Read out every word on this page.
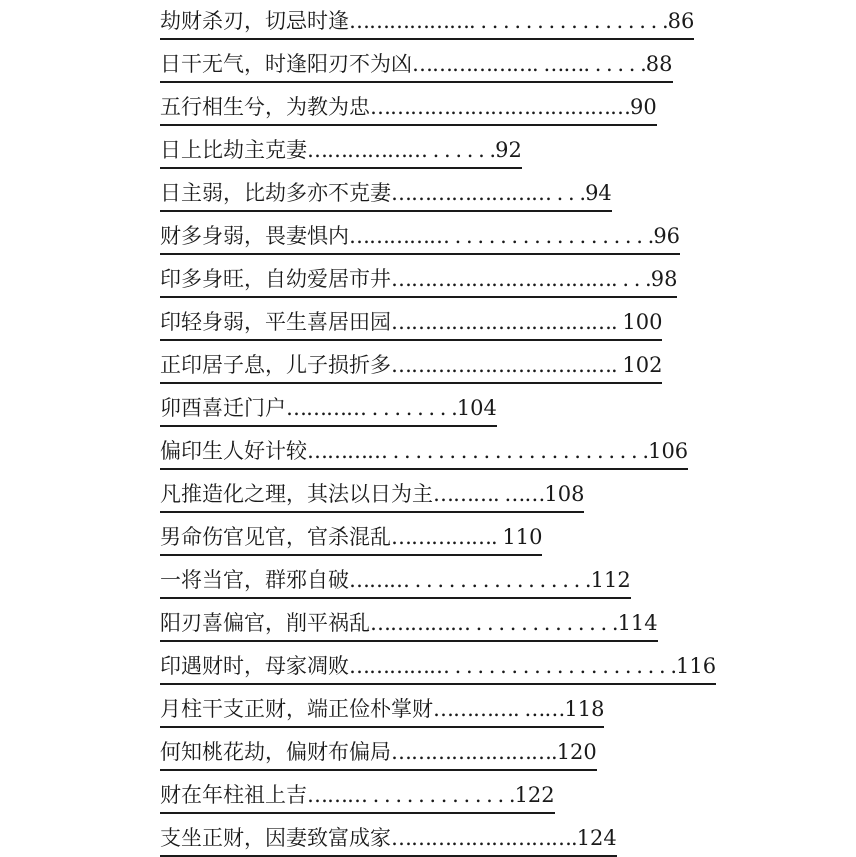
劫财杀刃，切忌时逢………………. . . . . . . . . . . . . . . . . .86
日干无气，时逢阳刃不为凶………………. ……. . . . . .88
五行相生兮，为教为忠…………………………………90
日上比劫主克妻……………… . . . . . .92
日主弱，比劫多亦不克妻…………………… . . .94
财多身弱，畏妻惧内…………… . . . . . . . . . . . . . . . . . .96
印多身旺，自幼爱居市井……………………………. . . .98
印轻身弱，平生喜居田园……………………………. 100
正印居子息，儿子损折多……………………………. 102
卯酉喜迁门户………… . . . . . . . .104
偏印生人好计较………… . . . . . . . . . . . . . . . . . . . . . . .106
凡推造化之理，其法以日为主………. ……108
男命伤官见官，官杀混乱……………. 110
一将当官，群邪自破……… . . . . . . . . . . . . . . . .112
阳刃喜偏官，削平祸乱…………… . . . . . . . . . . . . .114
印遇财时，母家凋败…………… . . . . . . . . . . . . . . . . . . . .116
月柱干支正财，端正俭朴掌财…………. ……118
何知桃花劫，偏财布偏局…………………….120
财在年柱祖上吉……… . . . . . . . . . . . . .122
支坐正财，因妻致富成家……………………….124
